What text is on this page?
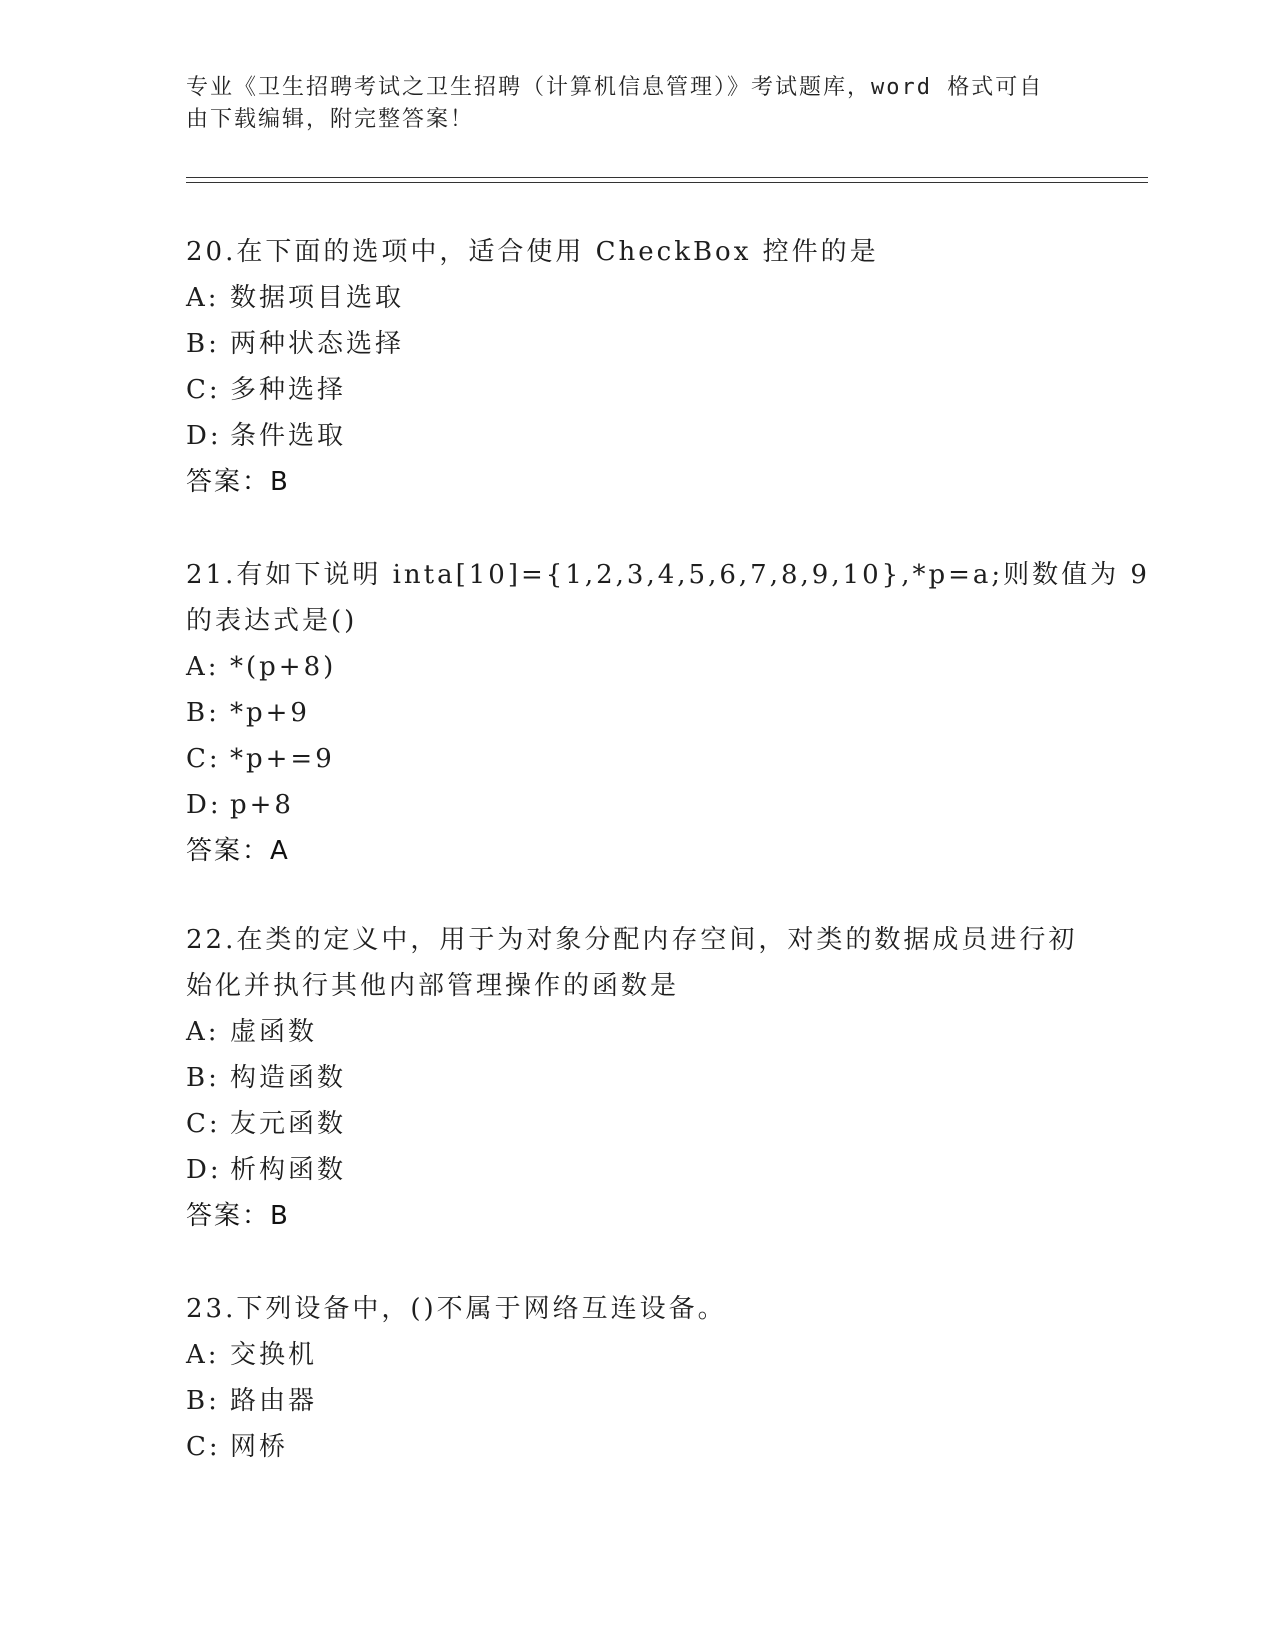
专业《卫生招聘考试之卫生招聘（计算机信息管理）》考试题库，word 格式可自
由下载编辑，附完整答案！
20.在下面的选项中，适合使用 CheckBox 控件的是
A: 数据项目选取
B: 两种状态选择
C: 多种选择
D: 条件选取
答案：B
21.有如下说明 inta[10]={1,2,3,4,5,6,7,8,9,10},*p=a;则数值为 9
的表达式是()
A: *(p+8)
B: *p+9
C: *p+=9
D: p+8
答案：A
22.在类的定义中，用于为对象分配内存空间，对类的数据成员进行初
始化并执行其他内部管理操作的函数是
A: 虚函数
B: 构造函数
C: 友元函数
D: 析构函数
答案：B
23.下列设备中，()不属于网络互连设备。
A: 交换机
B: 路由器
C: 网桥
